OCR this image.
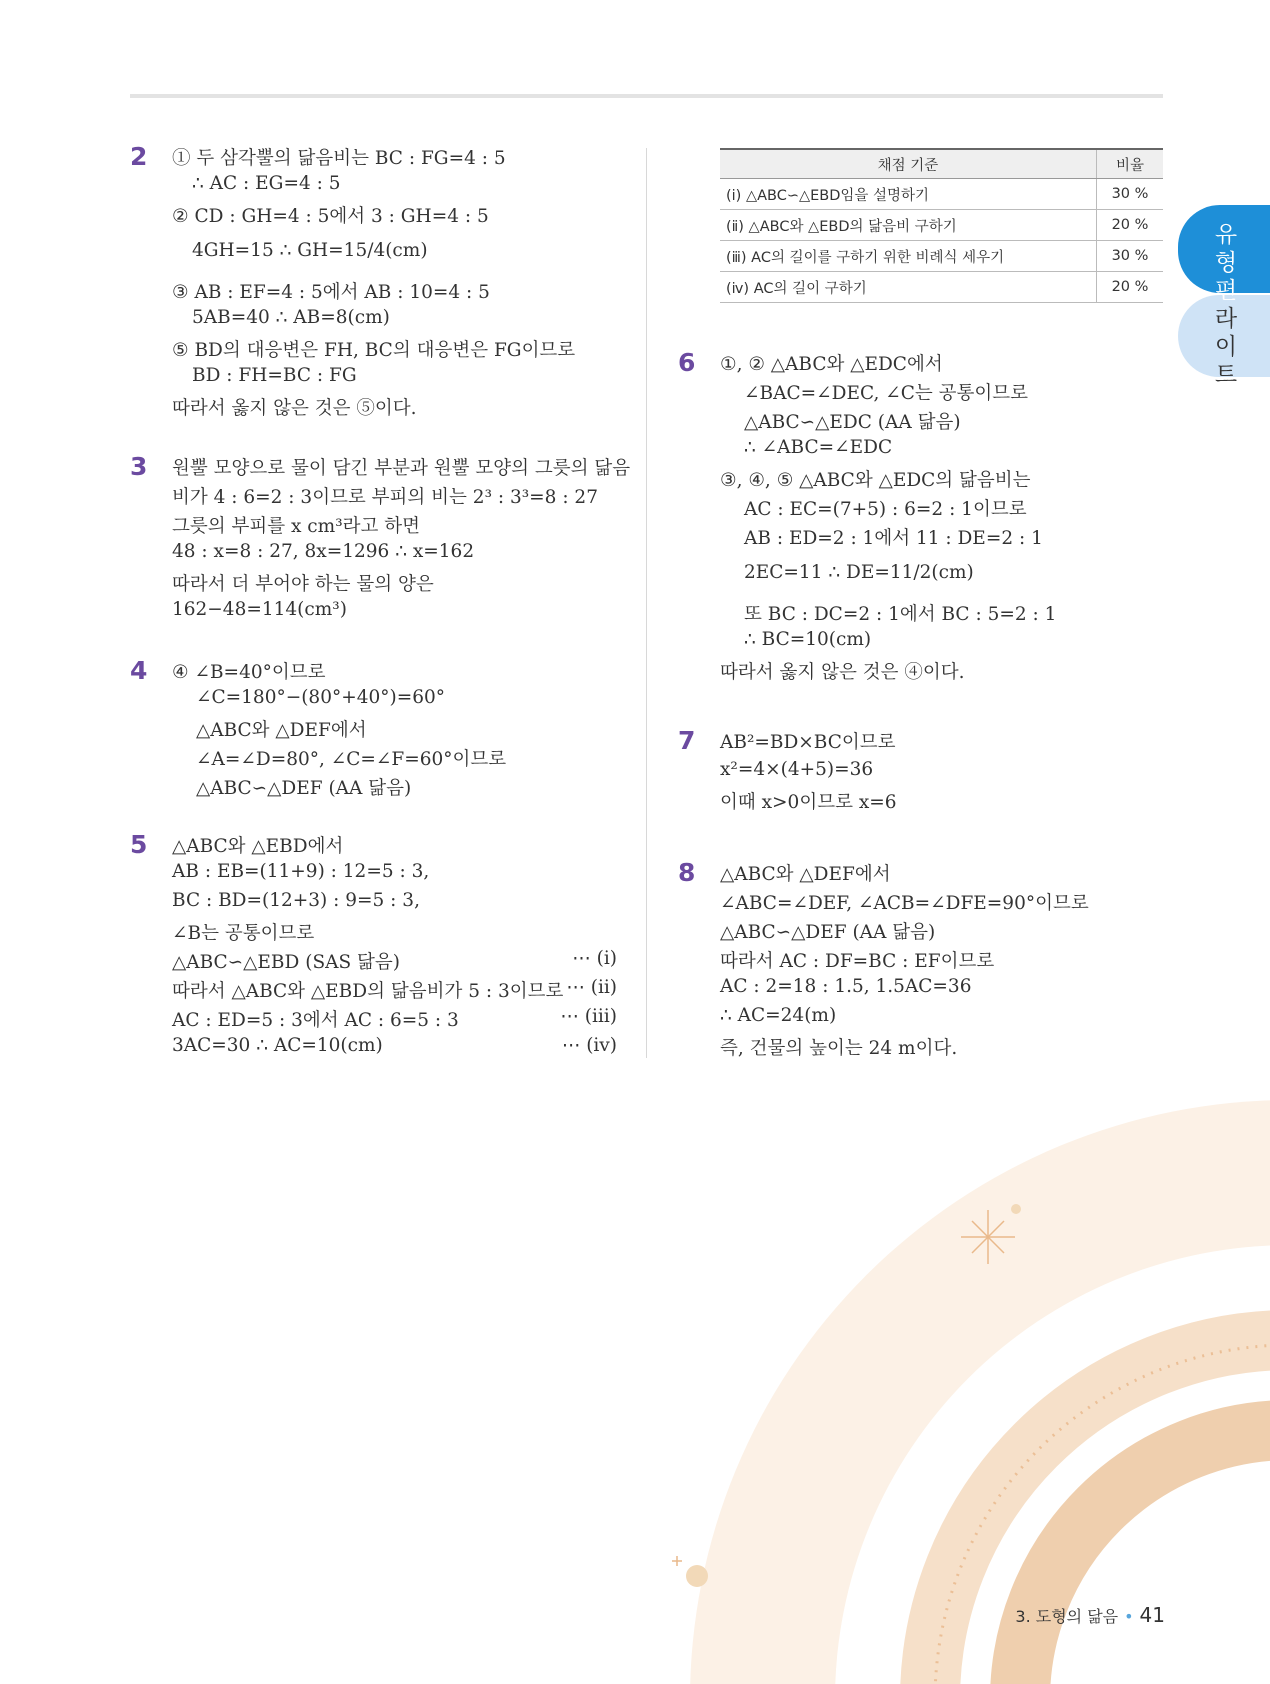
유형편
라이트
2 ① 두 삼각뿔의 닮음비는 BC : FG=4 : 5
∴ AC : EG=4 : 5
② CD : GH=4 : 5에서 3 : GH=4 : 5
4GH=15 ∴ GH=15/4(cm)
③ AB : EF=4 : 5에서 AB : 10=4 : 5
5AB=40 ∴ AB=8(cm)
⑤ BD의 대응변은 FH, BC의 대응변은 FG이므로
BD : FH=BC : FG
따라서 옳지 않은 것은 ⑤이다.
3 원뿔 모양으로 물이 담긴 부분과 원뿔 모양의 그릇의 닮음
비가 4 : 6=2 : 3이므로 부피의 비는 2³ : 3³=8 : 27
그릇의 부피를 x cm³라고 하면
48 : x=8 : 27, 8x=1296 ∴ x=162
따라서 더 부어야 하는 물의 양은
162−48=114(cm³)
4 ④ ∠B=40°이므로
∠C=180°−(80°+40°)=60°
△ABC와 △DEF에서
∠A=∠D=80°, ∠C=∠F=60°이므로
△ABC∽△DEF (AA 닮음)
5 △ABC와 △EBD에서
AB : EB=(11+9) : 12=5 : 3,
BC : BD=(12+3) : 9=5 : 3,
∠B는 공통이므로
△ABC∽△EBD (SAS 닮음)
따라서 △ABC와 △EBD의 닮음비가 5 : 3이므로
AC : ED=5 : 3에서 AC : 6=5 : 3
3AC=30 ∴ AC=10(cm)
⋯ (ⅰ)
⋯ (ⅱ)
⋯ (ⅲ)
⋯ (ⅳ)
채점 기준	비율
(ⅰ) △ABC∽△EBD임을 설명하기	30 %
(ⅱ) △ABC와 △EBD의 닮음비 구하기	20 %
(ⅲ) AC의 길이를 구하기 위한 비례식 세우기	30 %
(ⅳ) AC의 길이 구하기	20 %
6 ①, ② △ABC와 △EDC에서
∠BAC=∠DEC, ∠C는 공통이므로
△ABC∽△EDC (AA 닮음)
∴ ∠ABC=∠EDC
③, ④, ⑤ △ABC와 △EDC의 닮음비는
AC : EC=(7+5) : 6=2 : 1이므로
AB : ED=2 : 1에서 11 : DE=2 : 1
2EC=11 ∴ DE=11/2(cm)
또 BC : DC=2 : 1에서 BC : 5=2 : 1
∴ BC=10(cm)
따라서 옳지 않은 것은 ④이다.
7 AB²=BD×BC이므로
x²=4×(4+5)=36
이때 x>0이므로 x=6
8 △ABC와 △DEF에서
∠ABC=∠DEF, ∠ACB=∠DFE=90°이므로
△ABC∽△DEF (AA 닮음)
따라서 AC : DF=BC : EF이므로
AC : 2=18 : 1.5, 1.5AC=36
∴ AC=24(m)
즉, 건물의 높이는 24 m이다.
3. 도형의 닮음 • 41
